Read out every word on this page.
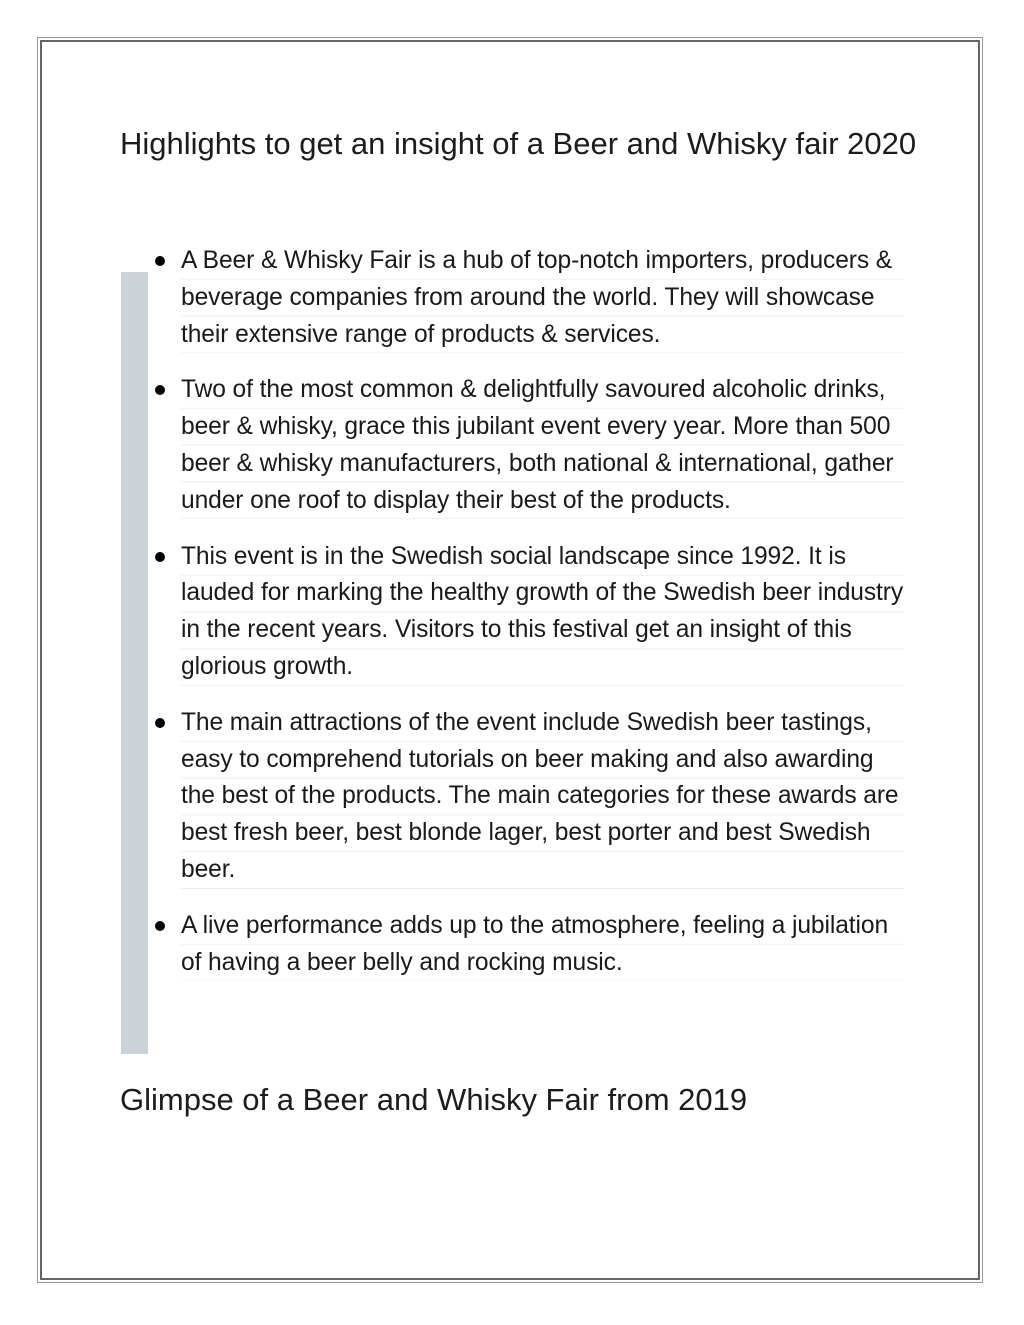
Highlights to get an insight of a Beer and Whisky fair 2020
A Beer & Whisky Fair is a hub of top-notch importers, producers & beverage companies from around the world. They will showcase their extensive range of products & services.
Two of the most common & delightfully savoured alcoholic drinks, beer & whisky, grace this jubilant event every year. More than 500 beer & whisky manufacturers, both national & international, gather under one roof to display their best of the products.
This event is in the Swedish social landscape since 1992. It is lauded for marking the healthy growth of the Swedish beer industry in the recent years. Visitors to this festival get an insight of this glorious growth.
The main attractions of the event include Swedish beer tastings, easy to comprehend tutorials on beer making and also awarding the best of the products. The main categories for these awards are best fresh beer, best blonde lager, best porter and best Swedish beer.
A live performance adds up to the atmosphere, feeling a jubilation of having a beer belly and rocking music.
Glimpse of a Beer and Whisky Fair from 2019
